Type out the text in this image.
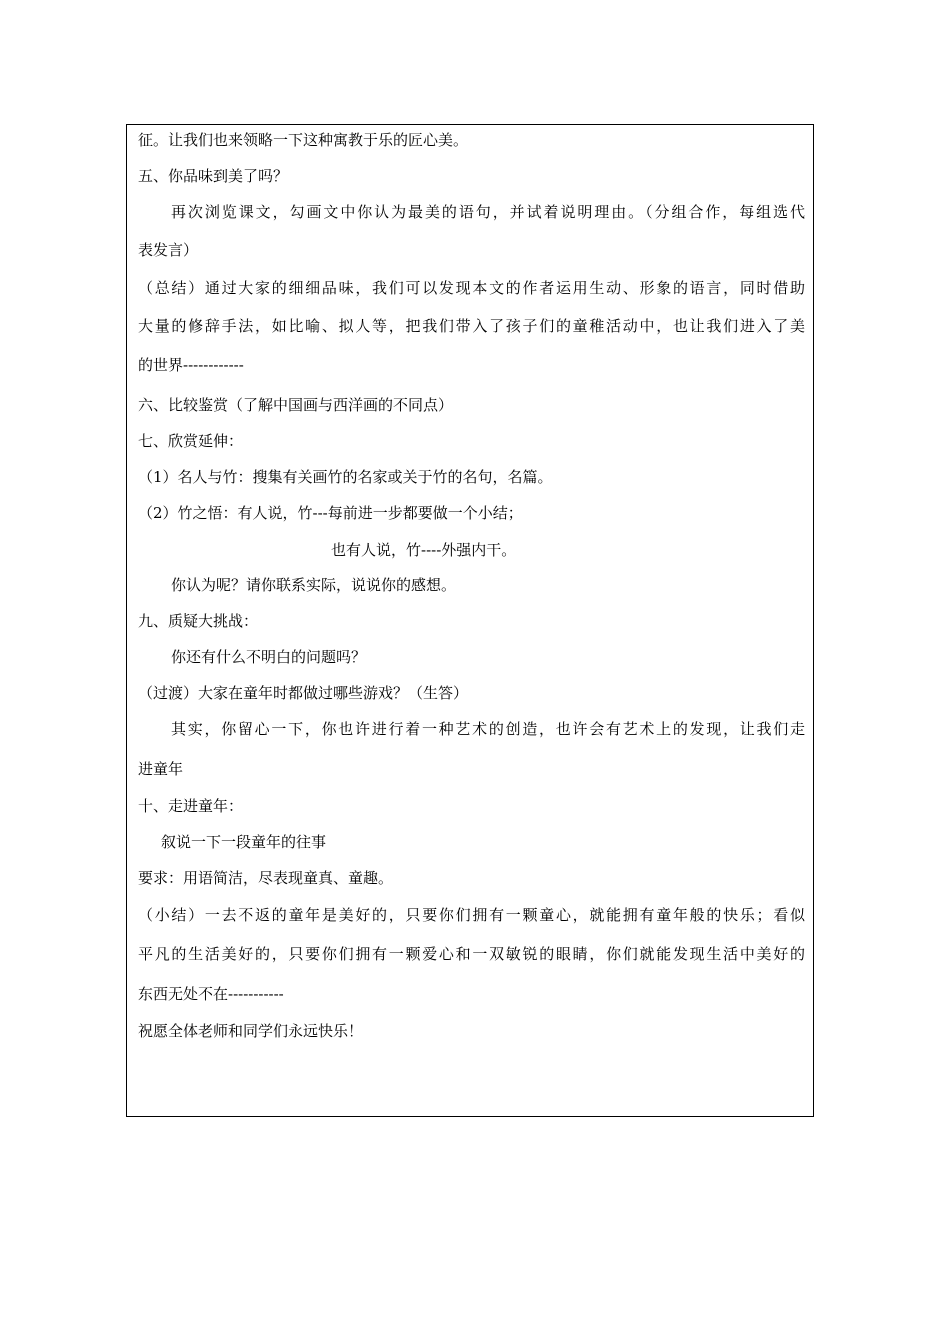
征。让我们也来领略一下这种寓教于乐的匠心美。
五、你品味到美了吗？
再次浏览课文，勾画文中你认为最美的语句，并试着说明理由。（分组合作，每组选代
表发言）
（总结）通过大家的细细品味，我们可以发现本文的作者运用生动、形象的语言，同时借助
大量的修辞手法，如比喻、拟人等，把我们带入了孩子们的童稚活动中，也让我们进入了美
的世界------------
六、比较鉴赏（了解中国画与西洋画的不同点）
七、欣赏延伸：
（1）名人与竹：搜集有关画竹的名家或关于竹的名句，名篇。
（2）竹之悟：有人说，竹---每前进一步都要做一个小结；
也有人说，竹----外强内干。
你认为呢？请你联系实际，说说你的感想。
九、质疑大挑战：
你还有什么不明白的问题吗？
（过渡）大家在童年时都做过哪些游戏？（生答）
其实，你留心一下，你也许进行着一种艺术的创造，也许会有艺术上的发现，让我们走
进童年
十、走进童年：
叙说一下一段童年的往事
要求：用语简洁，尽表现童真、童趣。
（小结）一去不返的童年是美好的，只要你们拥有一颗童心，就能拥有童年般的快乐；看似
平凡的生活美好的，只要你们拥有一颗爱心和一双敏锐的眼睛，你们就能发现生活中美好的
东西无处不在-----------
祝愿全体老师和同学们永远快乐！
